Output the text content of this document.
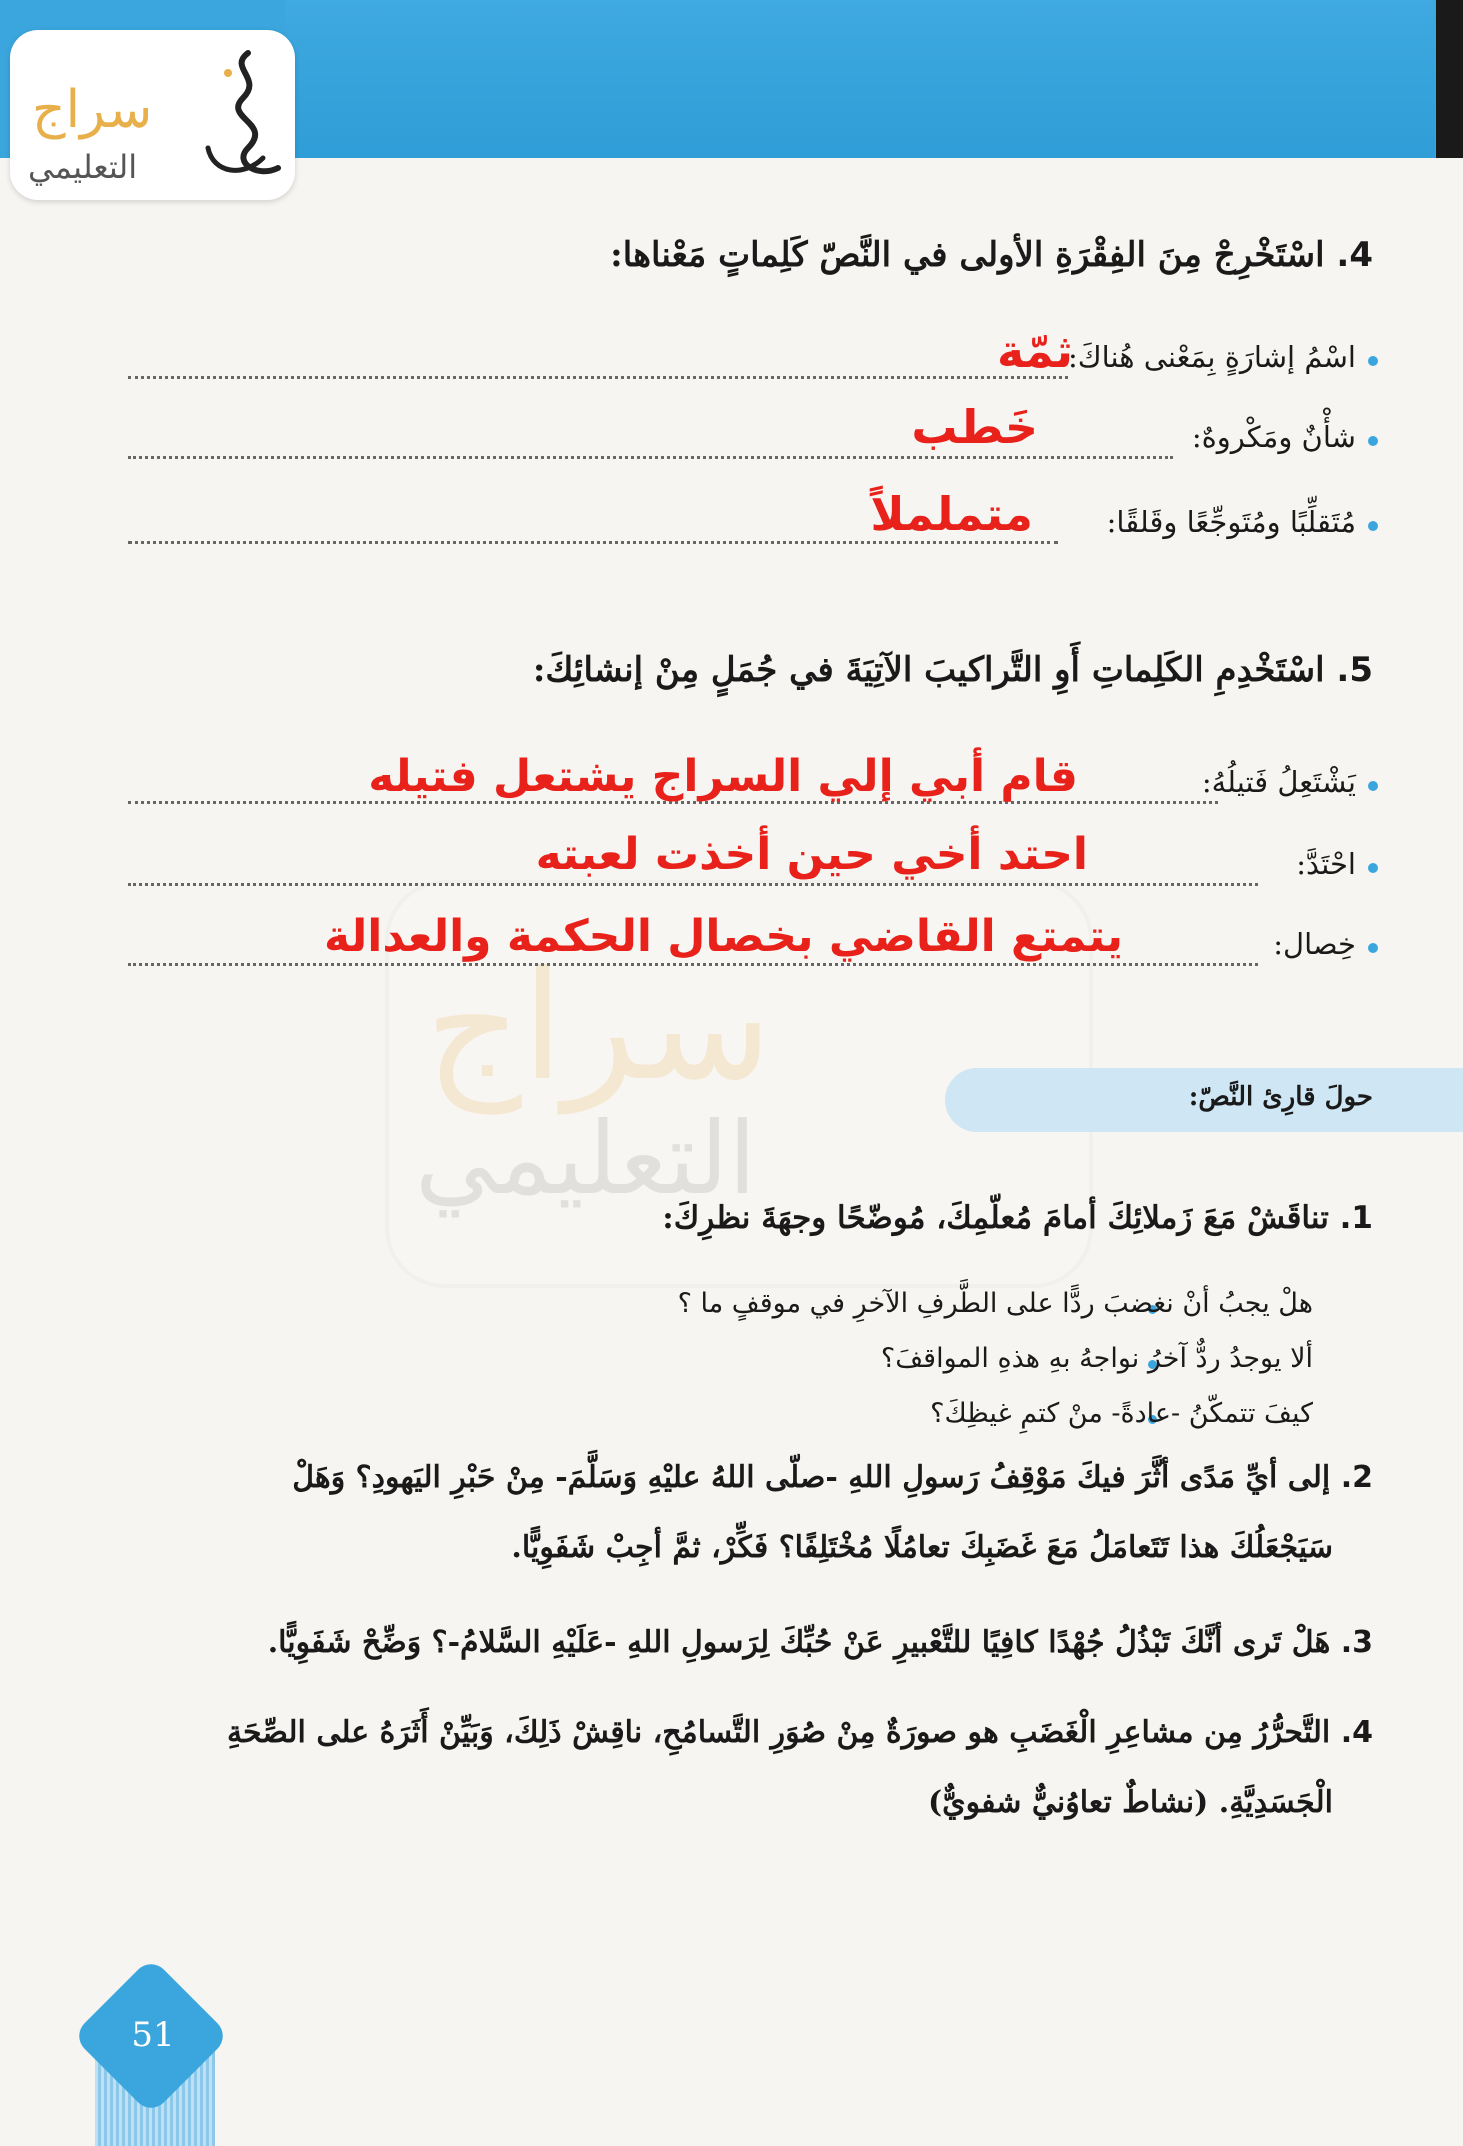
سراج
التعليمي
سراج
التعليمي
4. اسْتَخْرِجْ مِنَ الفِقْرَةِ الأولى في النَّصّ كَلِماتٍ مَعْناها:
اسْمُ إشارَةٍ بِمَعْنى هُناكَ:
ثمّة
شأْنٌ ومَكْروهٌ:
خَطب
مُتَقلِّبًا ومُتَوجِّعًا وقَلقًا:
متململاً
5. اسْتَخْدِمِ الكَلِماتِ أَوِ التَّراكيبَ الآتِيَةَ في جُمَلٍ مِنْ إنشائِكَ:
يَشْتَعِلُ فَتيلُهُ:
قام أبي إلي السراج يشتعل فتيله
احْتَدَّ:
احتد أخي حين أخذت لعبته
خِصال:
يتمتع القاضي بخصال الحكمة والعدالة
حولَ قارِئ النَّصّ:
1. تناقَشْ مَعَ زَملائِكَ أمامَ مُعلّمِكَ، مُوضّحًا وجهَةَ نظرِكَ:
هلْ يجبُ أنْ نغضبَ ردًّا على الطَّرفِ الآخرِ في موقفٍ ما ؟
ألا يوجدُ ردٌّ آخرُ نواجهُ بهِ هذهِ المواقفَ؟
كيفَ تتمكّنُ -عادةً- منْ كتمِ غيظِكَ؟
2. إلى أيِّ مَدًى أثَّرَ فيكَ مَوْقِفُ رَسولِ اللهِ -صلّى اللهُ عليْهِ وَسَلَّمَ- مِنْ حَبْرِ اليَهودِ؟ وَهَلْ
سَيَجْعَلُكَ هذا تَتَعامَلُ مَعَ غَضَبِكَ تعامُلًا مُخْتَلِفًا؟ فَكِّرْ، ثمَّ أجِبْ شَفَوِيًّا.
3. هَلْ تَرى أنَّكَ تَبْذُلُ جُهْدًا كافِيًا للتَّعْبيرِ عَنْ حُبِّكَ لِرَسولِ اللهِ -عَلَيْهِ السَّلامُ-؟ وَضِّحْ شَفَوِيًّا.
4. التَّحرُّرُ مِن مشاعِرِ الْغَضَبِ هو صورَةٌ مِنْ صُوَرِ التَّسامُحِ، ناقِشْ ذَلِكَ، وَبَيِّنْ أَثَرَهُ على الصِّحَةِ
الْجَسَدِيَّةِ. (نشاطٌ تعاوُنيٌّ شفويٌّ)
51
